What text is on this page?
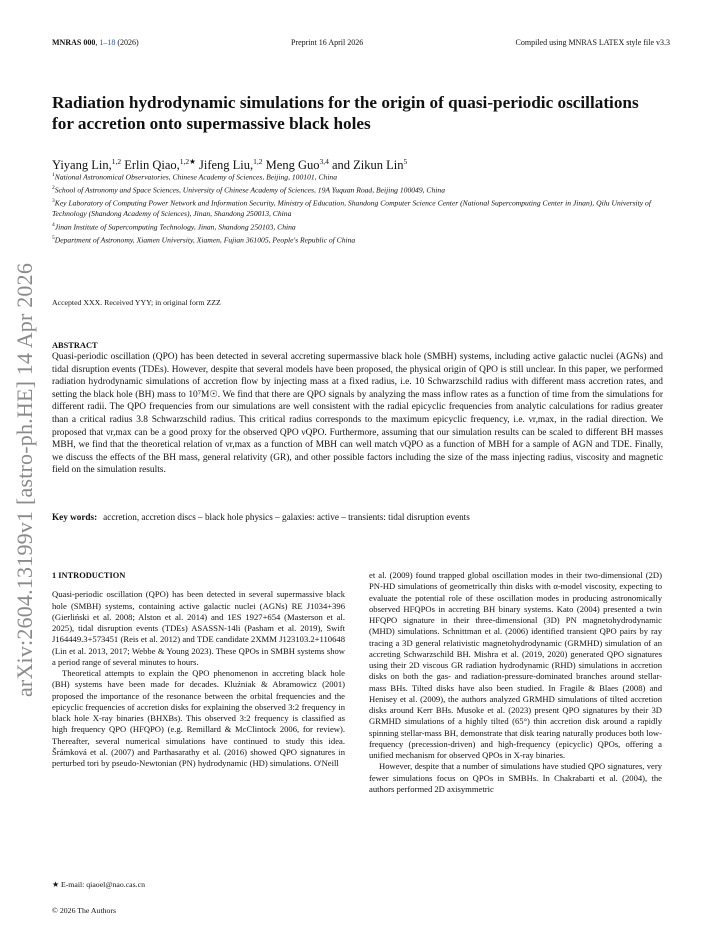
MNRAS 000, 1–18 (2026)	Preprint 16 April 2026	Compiled using MNRAS LATEX style file v3.3
arXiv:2604.13199v1 [astro-ph.HE] 14 Apr 2026
Radiation hydrodynamic simulations for the origin of quasi-periodic oscillations for accretion onto supermassive black holes
Yiyang Lin,$^{1,2}$ Erlin Qiao,$^{1,2★}$ Jifeng Liu,$^{1,2}$ Meng Guo$^{3,4}$ and Zikun Lin$^5$
$^1$National Astronomical Observatories, Chinese Academy of Sciences, Beijing, 100101, China
$^2$School of Astronomy and Space Sciences, University of Chinese Academy of Sciences, 19A Yuquan Road, Beijing 100049, China
$^3$Key Laboratory of Computing Power Network and Information Security, Ministry of Education, Shandong Computer Science Center (National Supercomputing Center in Jinan), Qilu University of Technology (Shandong Academy of Sciences), Jinan, Shandong 250013, China
$^4$Jinan Institute of Supercomputing Technology, Jinan, Shandong 250103, China
$^5$Department of Astronomy, Xiamen University, Xiamen, Fujian 361005, People's Republic of China
Accepted XXX. Received YYY; in original form ZZZ
ABSTRACT
Quasi-periodic oscillation (QPO) has been detected in several accreting supermassive black hole (SMBH) systems, including active galactic nuclei (AGNs) and tidal disruption events (TDEs). However, despite that several models have been proposed, the physical origin of QPO is still unclear. In this paper, we performed radiation hydrodynamic simulations of accretion flow by injecting mass at a fixed radius, i.e. 10 Schwarzschild radius with different mass accretion rates, and setting the black hole (BH) mass to 10⁷M☉. We find that there are QPO signals by analyzing the mass inflow rates as a function of time from the simulations for different radii. The QPO frequencies from our simulations are well consistent with the radial epicyclic frequencies from analytic calculations for radius greater than a critical radius 3.8 Schwarzschild radius. This critical radius corresponds to the maximum epicyclic frequency, i.e. νr,max, in the radial direction. We proposed that νr,max can be a good proxy for the observed QPO νQPO. Furthermore, assuming that our simulation results can be scaled to different BH masses MBH, we find that the theoretical relation of νr,max as a function of MBH can well match νQPO as a function of MBH for a sample of AGN and TDE. Finally, we discuss the effects of the BH mass, general relativity (GR), and other possible factors including the size of the mass injecting radius, viscosity and magnetic field on the simulation results.
Key words: accretion, accretion discs – black hole physics – galaxies: active – transients: tidal disruption events
1 INTRODUCTION

Quasi-periodic oscillation (QPO) has been detected in several supermassive black hole (SMBH) systems, containing active galactic nuclei (AGNs) RE J1034+396 (Gierliński et al. 2008; Alston et al. 2014) and 1ES 1927+654 (Masterson et al. 2025), tidal disruption events (TDEs) ASASSN-14li (Pasham et al. 2019), Swift J164449.3+573451 (Reis et al. 2012) and TDE candidate 2XMM J123103.2+110648 (Lin et al. 2013, 2017; Webbe & Young 2023). These QPOs in SMBH systems show a period range of several minutes to hours.

Theoretical attempts to explain the QPO phenomenon in accreting black hole (BH) systems have been made for decades. Kluźniak & Abramowicz (2001) proposed the importance of the resonance between the orbital frequencies and the epicyclic frequencies of accretion disks for explaining the observed 3:2 frequency in black hole X-ray binaries (BHXBs). This observed 3:2 frequency is classified as high frequency QPO (HFQPO) (e.g. Remillard & McClintock 2006, for review). Thereafter, several numerical simulations have continued to study this idea. Šrámková et al. (2007) and Parthasarathy et al. (2016) showed QPO signatures in perturbed tori by pseudo-Newtonian (PN) hydrodynamic (HD) simulations. O'Neill

et al. (2009) found trapped global oscillation modes in their two-dimensional (2D) PN-HD simulations of geometrically thin disks with α-model viscosity, expecting to evaluate the potential role of these oscillation modes in producing astronomically observed HFQPOs in accreting BH binary systems. Kato (2004) presented a twin HFQPO signature in their three-dimensional (3D) PN magnetohydrodynamic (MHD) simulations. Schnittman et al. (2006) identified transient QPO pairs by ray tracing a 3D general relativistic magnetohydrodynamic (GRMHD) simulation of an accreting Schwarzschild BH. Mishra et al. (2019, 2020) generated QPO signatures using their 2D viscous GR radiation hydrodynamic (RHD) simulations in accretion disks on both the gas- and radiation-pressure-dominated branches around stellar-mass BHs. Tilted disks have also been studied. In Fragile & Blaes (2008) and Henisey et al. (2009), the authors analyzed GRMHD simulations of tilted accretion disks around Kerr BHs. Musoke et al. (2023) present QPO signatures by their 3D GRMHD simulations of a highly tilted (65°) thin accretion disk around a rapidly spinning stellar-mass BH, demonstrate that disk tearing naturally produces both low-frequency (precession-driven) and high-frequency (epicyclic) QPOs, offering a unified mechanism for observed QPOs in X-ray binaries.

However, despite that a number of simulations have studied QPO signatures, very fewer simulations focus on QPOs in SMBHs. In Chakrabarti et al. (2004), the authors performed 2D axisymmetric

★ E-mail: qiaoel@nao.cas.cn
© 2026 The Authors
